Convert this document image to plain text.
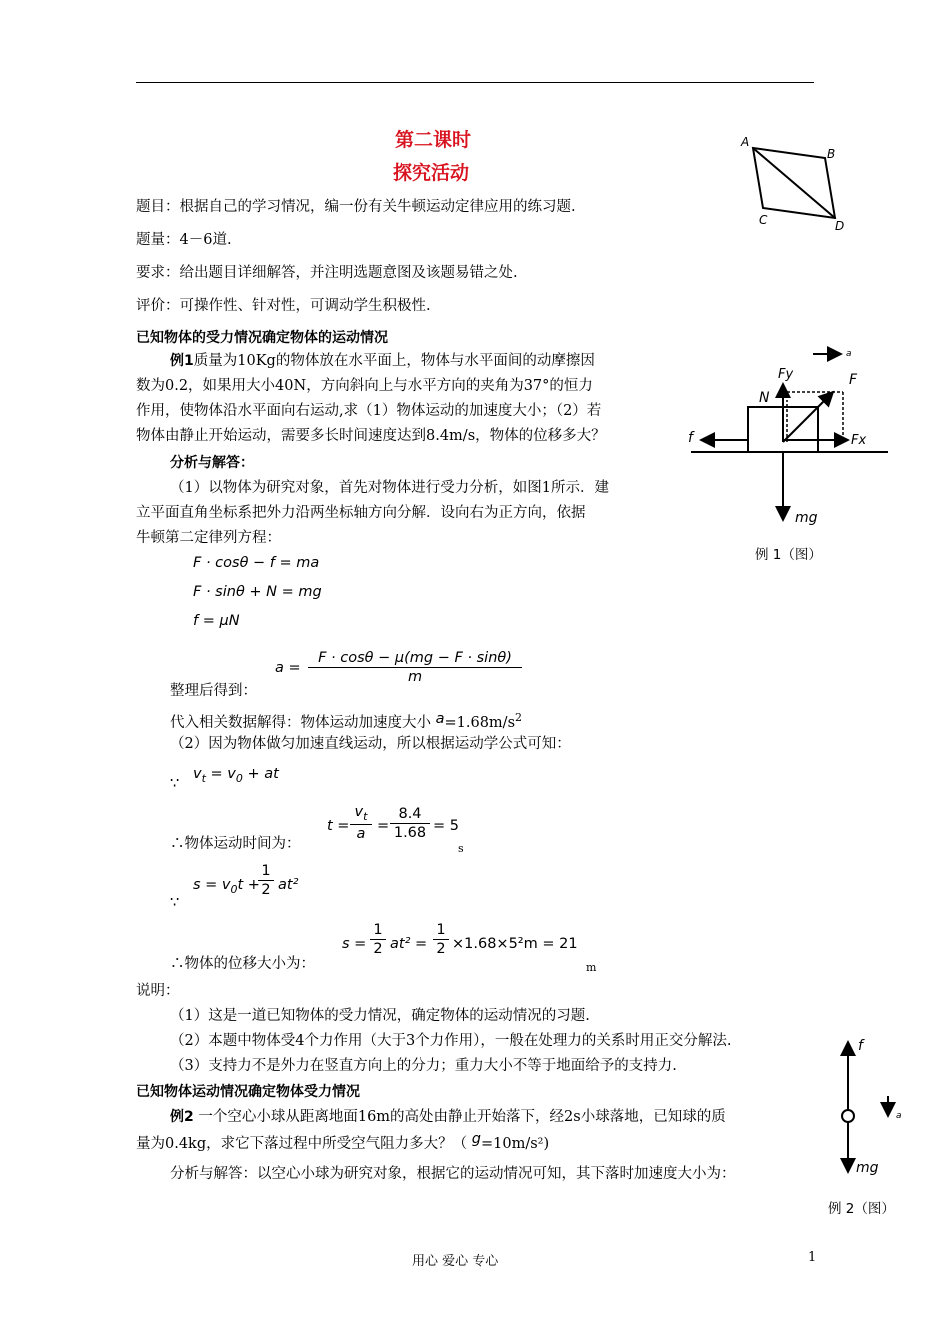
第二课时
探究活动
A
B
C	D
题目：根据自己的学习情况，编一份有关牛顿运动定律应用的练习题.
题量：4－6道.
要求：给出题目详细解答，并注明选题意图及该题易错之处.
评价：可操作性、针对性，可调动学生积极性.
已知物体的受力情况确定物体的运动情况
例1质量为10Kg的物体放在水平面上，物体与水平面间的动摩擦因
数为0.2，如果用大小40N，方向斜向上与水平方向的夹角为37°的恒力
作用，使物体沿水平面向右运动,求（1）物体运动的加速度大小；（2）若
物体由静止开始运动，需要多长时间速度达到8.4m/s，物体的位移多大？
分析与解答：
（1）以物体为研究对象，首先对物体进行受力分析，如图1所示．建
立平面直角坐标系把外力沿两坐标轴方向分解．设向右为正方向，依据
牛顿第二定律列方程：
a
Fy	F
N
f	Fx
mg
例 1（图）
F · cosθ − f = ma
F · sinθ + N = mg
f = μN
$a = \frac{F \cdot \cos\theta - \mu(mg - F \cdot \sin\theta)}{m}$
整理后得到：
代入相关数据解得：物体运动加速度大小 $a=1.68m/s^2$
（2）因为物体做匀加速直线运动，所以根据运动学公式可知：
$v_t = v_0$ + at
∵
$t = \frac{v_t}{a} = \frac{8.4}{1.68} = 5$
s
∴物体运动时间为：
$s = v_0t$ +
$\frac{1}{2} at^2$
∵
$s = \frac{1}{2} at^2 = \frac{1}{2} \times 1.68\times 5^2m = 21$
m
∴物体的位移大小为：
说明：
（1）这是一道已知物体的受力情况，确定物体的运动情况的习题.
（2）本题中物体受4个力作用（大于3个力作用），一般在处理力的关系时用正交分解法.
（3）支持力不是外力在竖直方向上的分力；重力大小不等于地面给予的支持力.
已知物体运动情况确定物体受力情况
例2 一个空心小球从距离地面16m的高处由静止开始落下，经2s小球落地，已知球的质
量为0.4kg，求它下落过程中所受空气阻力多大？（ g=10m/s²)
分析与解答：以空心小球为研究对象，根据它的运动情况可知，其下落时加速度大小为：
f
a
mg
例 2（图）
用心 爱心 专心	1
